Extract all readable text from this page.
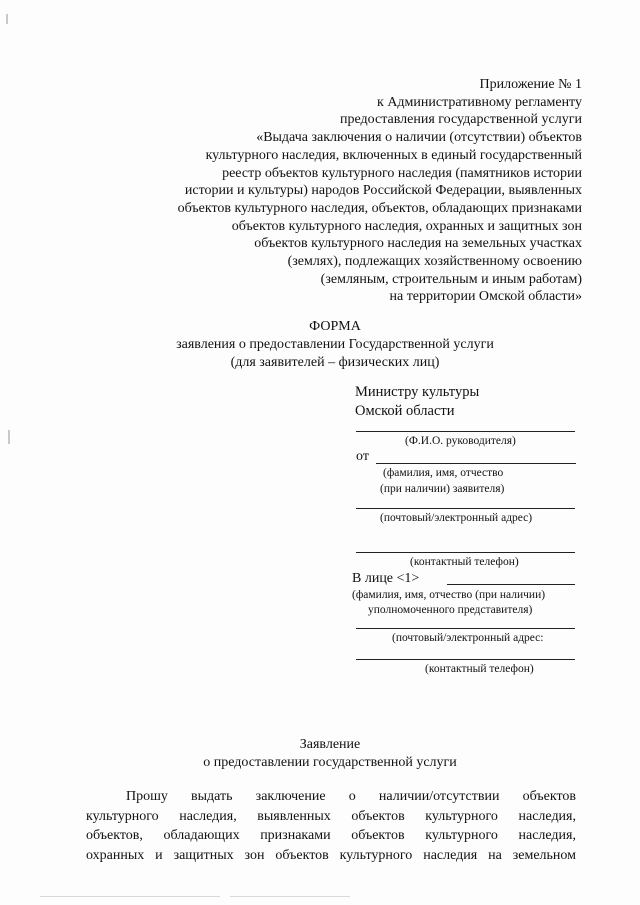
Приложение № 1
к Административному регламенту
предоставления государственной услуги
«Выдача заключения о наличии (отсутствии) объектов
культурного наследия, включенных в единый государственный
реестр объектов культурного наследия (памятников истории
истории и культуры) народов Российской Федерации, выявленных
объектов культурного наследия, объектов, обладающих признаками
объектов культурного наследия, охранных и защитных зон
объектов культурного наследия на земельных участках
(землях), подлежащих хозяйственному освоению
(земляным, строительным и иным работам)
на территории Омской области»
ФОРМА
заявления о предоставлении Государственной услуги
(для заявителей – физических лиц)
Министру культуры
Омской области
(Ф.И.О. руководителя)
от
(фамилия, имя, отчество
(при наличии) заявителя)
(почтовый/электронный адрес)
(контактный телефон)
В лице <1>
(фамилия, имя, отчество (при наличии)
уполномоченного представителя)
(почтовый/электронный адрес:
(контактный телефон)
Заявление
о предоставлении государственной услуги
Прошу выдать заключение о наличии/отсутствии объектов
культурного наследия, выявленных объектов культурного наследия,
объектов, обладающих признаками объектов культурного наследия,
охранных и защитных зон объектов культурного наследия на земельном
